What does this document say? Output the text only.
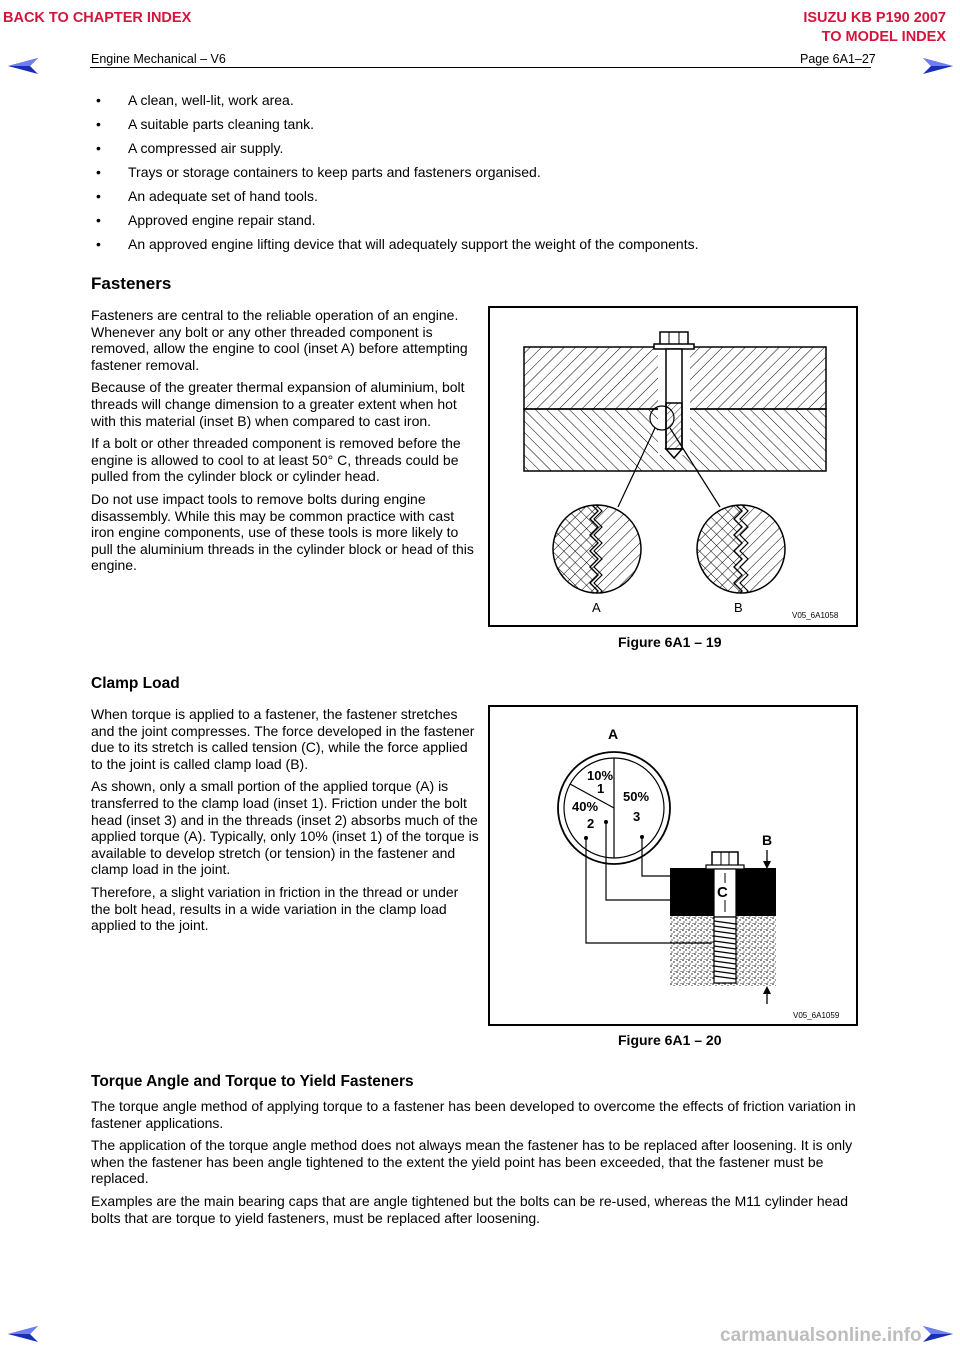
BACK TO CHAPTER INDEX	ISUZU KB P190 2007
TO MODEL INDEX
Engine Mechanical – V6	Page 6A1–27
• A clean, well-lit, work area.
• A suitable parts cleaning tank.
• A compressed air supply.
• Trays or storage containers to keep parts and fasteners organised.
• An adequate set of hand tools.
• Approved engine repair stand.
• An approved engine lifting device that will adequately support the weight of the components.
Fasteners

Fasteners are central to the reliable operation of an engine. Whenever any bolt or any other threaded component is removed, allow the engine to cool (inset A) before attempting fastener removal.

Because of the greater thermal expansion of aluminium, bolt threads will change dimension to a greater extent when hot with this material (inset B) when compared to cast iron.

If a bolt or other threaded component is removed before the engine is allowed to cool to at least 50° C, threads could be pulled from the cylinder block or cylinder head.

Do not use impact tools to remove bolts during engine disassembly. While this may be common practice with cast iron engine components, use of these tools is more likely to pull the aluminium threads in the cylinder block or head of this engine.

A	B
V05_6A1058
Figure 6A1 – 19
Clamp Load

When torque is applied to a fastener, the fastener stretches and the joint compresses. The force developed in the fastener due to its stretch is called tension (C), while the force applied to the joint is called clamp load (B).

As shown, only a small portion of the applied torque (A) is transferred to the clamp load (inset 1). Friction under the bolt head (inset 3) and in the threads (inset 2) absorbs much of the applied torque (A). Typically, only 10% (inset 1) of the torque is available to develop stretch (or tension) in the fastener and clamp load in the joint.

Therefore, a slight variation in friction in the thread or under the bolt head, results in a wide variation in the clamp load applied to the joint.

A
10%
1
40%
2
50%
3
C
B
V05_6A1059
Figure 6A1 – 20
Torque Angle and Torque to Yield Fasteners

The torque angle method of applying torque to a fastener has been developed to overcome the effects of friction variation in fastener applications.

The application of the torque angle method does not always mean the fastener has to be replaced after loosening. It is only when the fastener has been angle tightened to the extent the yield point has been exceeded, that the fastener must be replaced.

Examples are the main bearing caps that are angle tightened but the bolts can be re-used, whereas the M11 cylinder head bolts that are torque to yield fasteners, must be replaced after loosening.

carmanualsonline.info
